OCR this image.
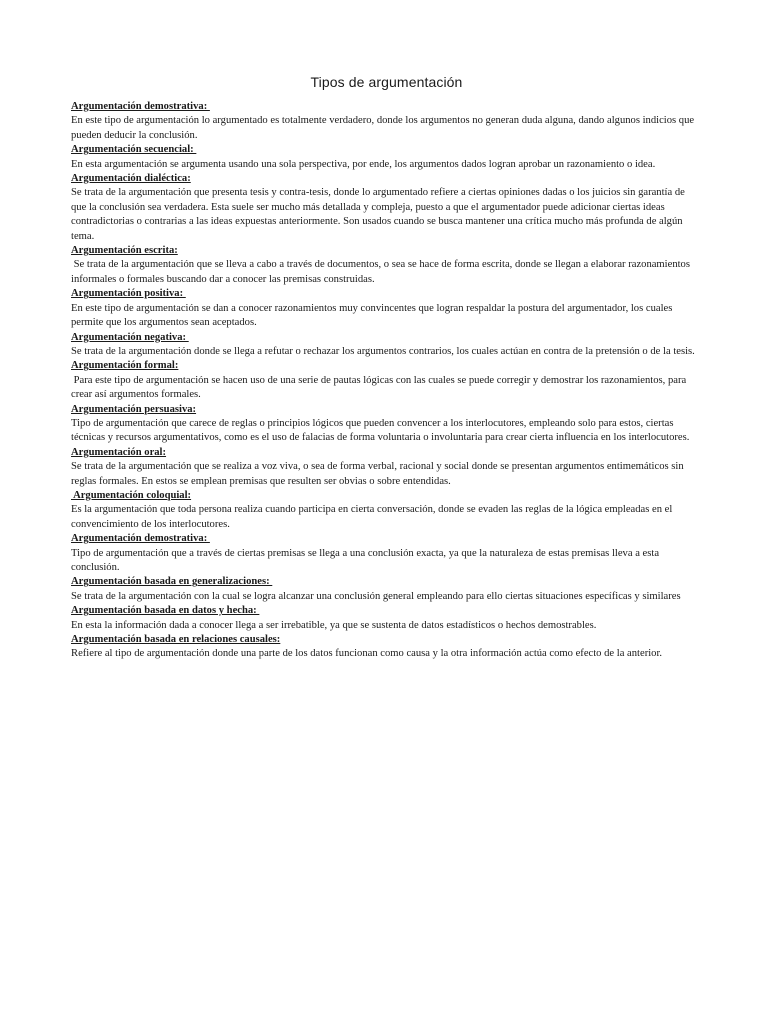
Tipos de argumentación
Argumentación demostrativa:

En este tipo de argumentación lo argumentado es totalmente verdadero, donde los argumentos no generan duda alguna, dando algunos indicios que pueden deducir la conclusión.

Argumentación secuencial:

En esta argumentación se argumenta usando una sola perspectiva, por ende, los argumentos dados logran aprobar un razonamiento o idea.

Argumentación dialéctica:

Se trata de la argumentación que presenta tesis y contra-tesis, donde lo argumentado refiere a ciertas opiniones dadas o los juicios sin garantía de que la conclusión sea verdadera. Esta suele ser mucho más detallada y compleja, puesto a que el argumentador puede adicionar ciertas ideas contradictorias o contrarias a las ideas expuestas anteriormente. Son usados cuando se busca mantener una crítica mucho más profunda de algún tema.

Argumentación escrita:

Se trata de la argumentación que se lleva a cabo a través de documentos, o sea se hace de forma escrita, donde se llegan a elaborar razonamientos informales o formales buscando dar a conocer las premisas construidas.

Argumentación positiva:

En este tipo de argumentación se dan a conocer razonamientos muy convincentes que logran respaldar la postura del argumentador, los cuales permite que los argumentos sean aceptados.

Argumentación negativa:

Se trata de la argumentación donde se llega a refutar o rechazar los argumentos contrarios, los cuales actúan en contra de la pretensión o de la tesis.

Argumentación formal:

Para este tipo de argumentación se hacen uso de una serie de pautas lógicas con las cuales se puede corregir y demostrar los razonamientos, para crear así argumentos formales.

Argumentación persuasiva:

Tipo de argumentación que carece de reglas o principios lógicos que pueden convencer a los interlocutores, empleando solo para estos, ciertas técnicas y recursos argumentativos, como es el uso de falacias de forma voluntaria o involuntaria para crear cierta influencia en los interlocutores.

Argumentación oral:

Se trata de la argumentación que se realiza a voz viva, o sea de forma verbal, racional y social donde se presentan argumentos entimemáticos sin reglas formales. En estos se emplean premisas que resulten ser obvias o sobre entendidas.

Argumentación coloquial:

Es la argumentación que toda persona realiza cuando participa en cierta conversación, donde se evaden las reglas de la lógica empleadas en el convencimiento de los interlocutores.

Argumentación demostrativa:

Tipo de argumentación que a través de ciertas premisas se llega a una conclusión exacta, ya que la naturaleza de estas premisas lleva a esta conclusión.

Argumentación basada en generalizaciones:

Se trata de la argumentación con la cual se logra alcanzar una conclusión general empleando para ello ciertas situaciones específicas y similares

Argumentación basada en datos y hecha:

En esta la información dada a conocer llega a ser irrebatible, ya que se sustenta de datos estadísticos o hechos demostrables.

Argumentación basada en relaciones causales:

Refiere al tipo de argumentación donde una parte de los datos funcionan como causa y la otra información actúa como efecto de la anterior.
